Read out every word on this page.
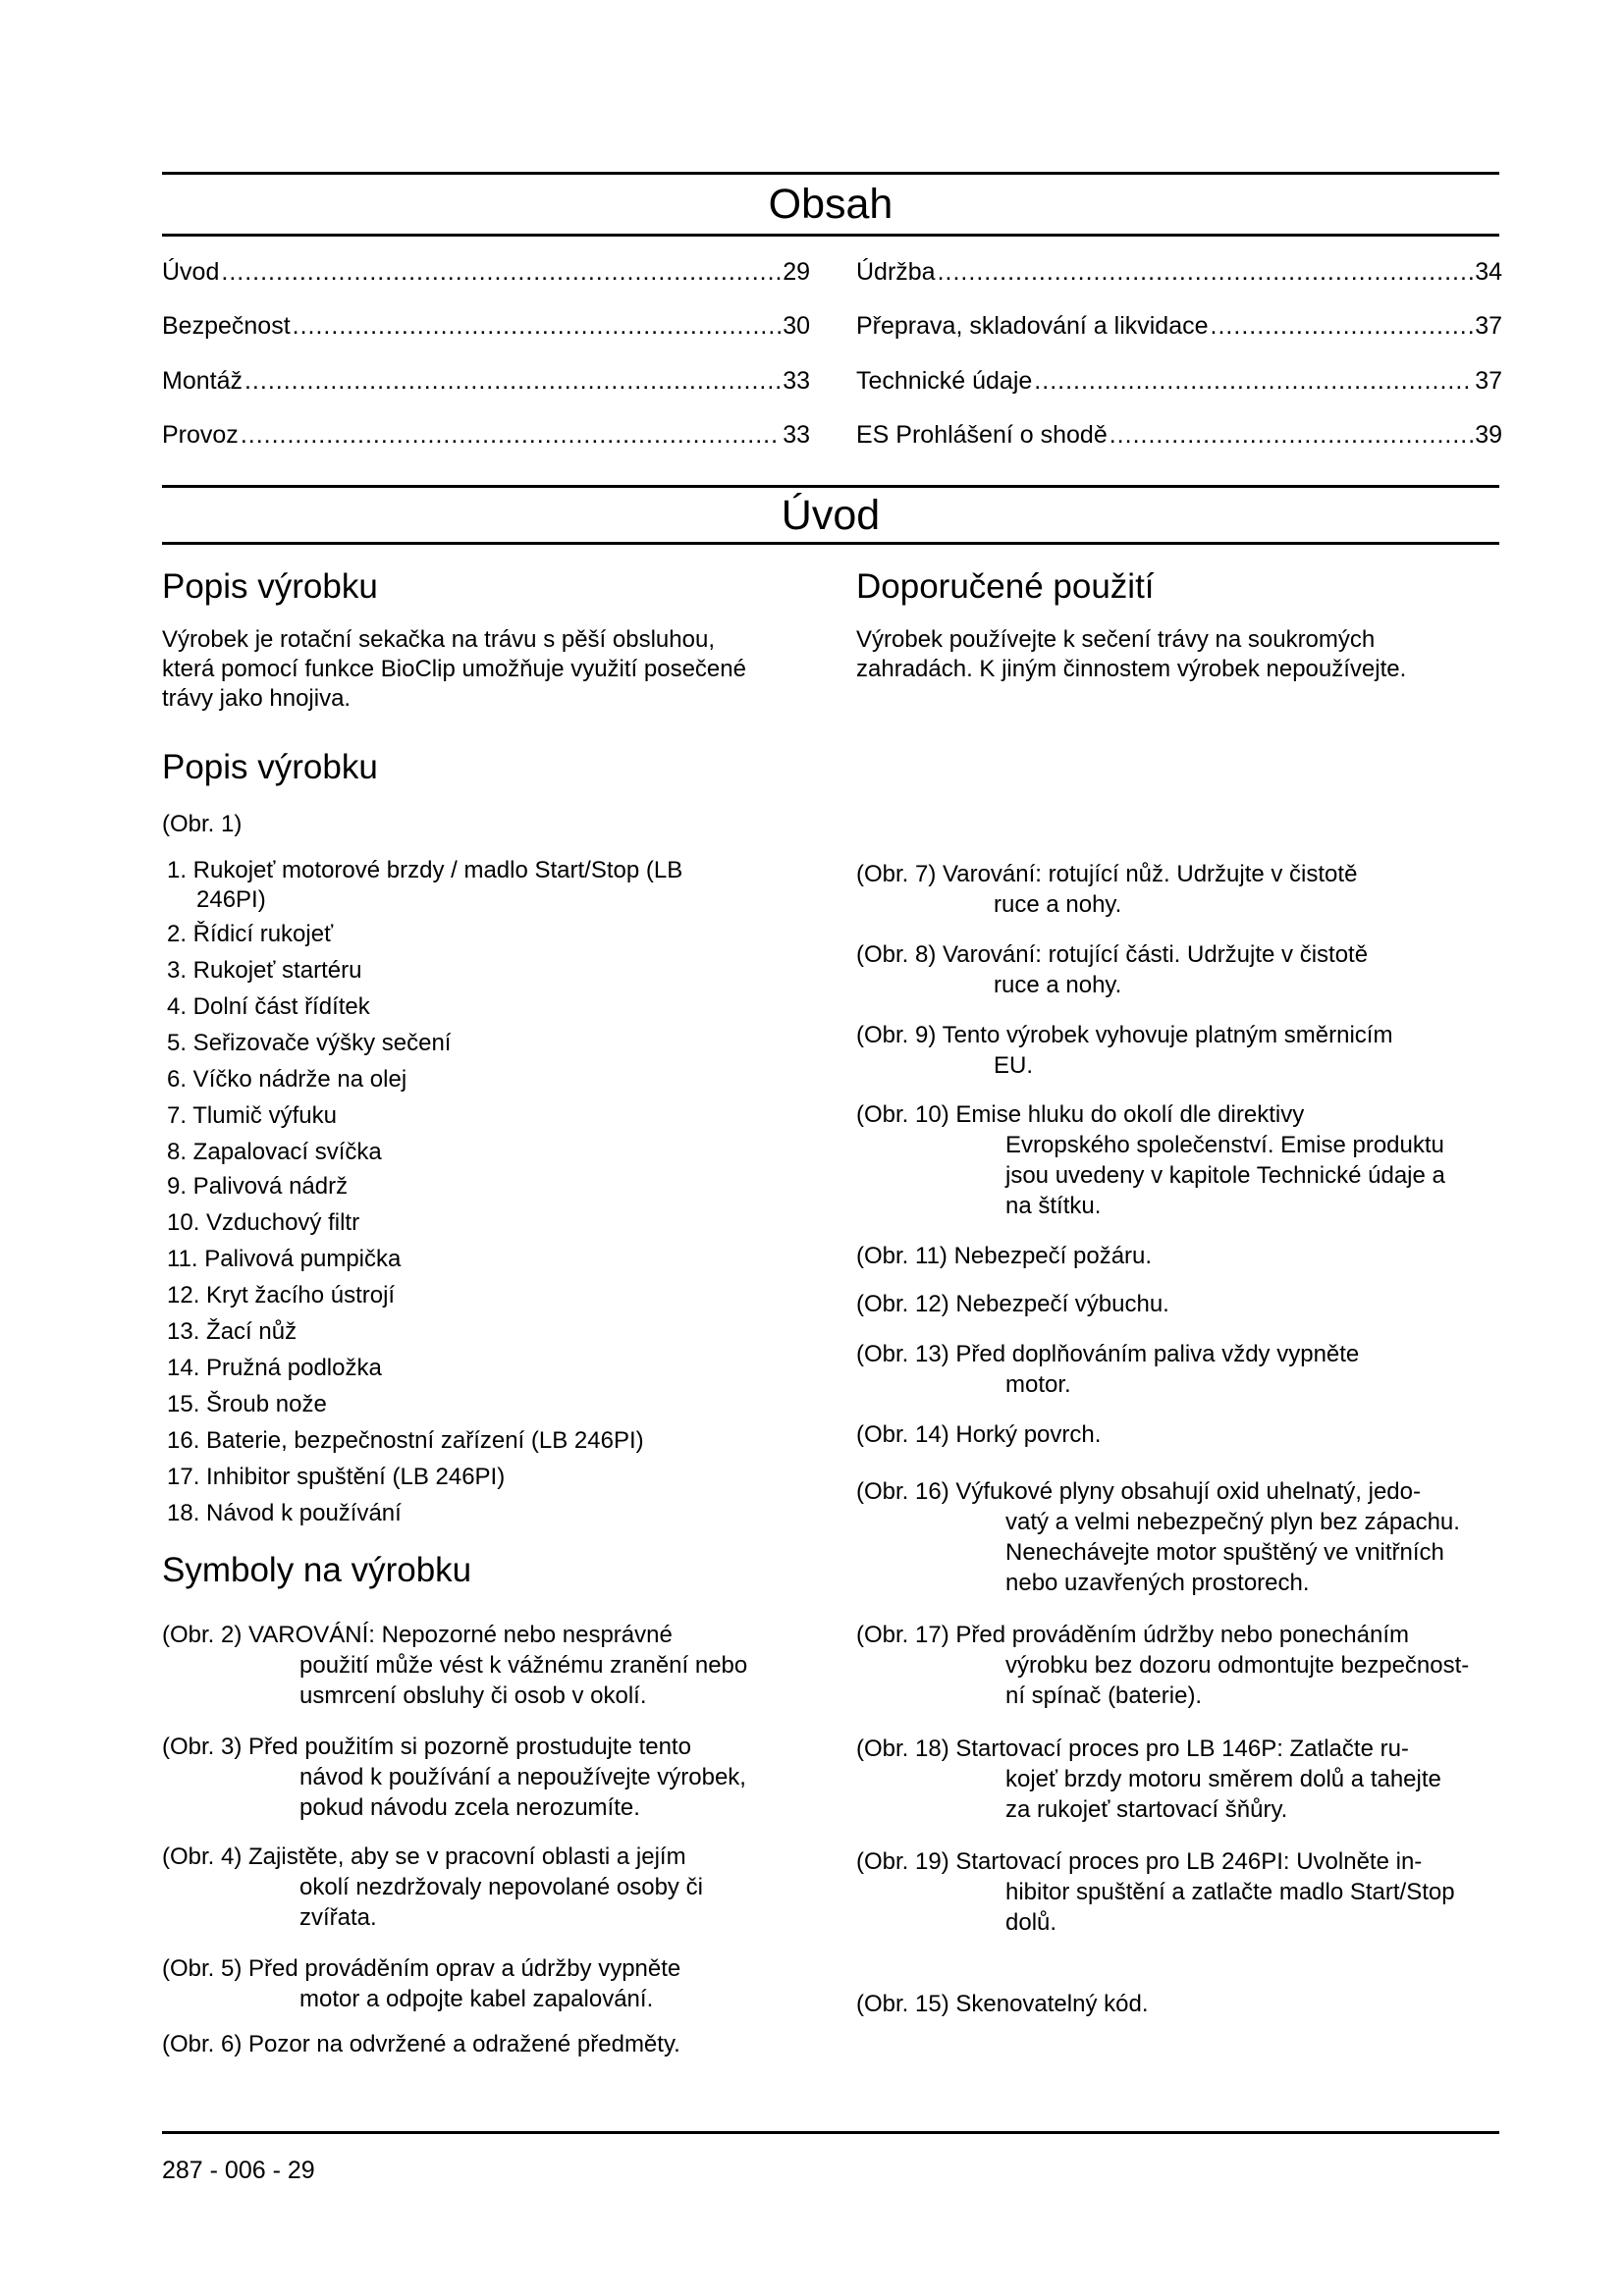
Obsah
Úvod .....	29
Bezpečnost .....	30
Montáž .....	33
Provoz .....	33
Údržba .....	34
Přeprava, skladování a likvidace .....	37
Technické údaje .....	37
ES Prohlášení o shodě .....	39
Úvod
Popis výrobku
Výrobek je rotační sekačka na trávu s pěší obsluhou,
která pomocí funkce BioClip umožňuje využití posečené
trávy jako hnojiva.
Doporučené použití
Výrobek používejte k sečení trávy na soukromých
zahradách. K jiným činnostem výrobek nepoužívejte.
Popis výrobku
(Obr. 1)
1. Rukojeť motorové brzdy / madlo Start/Stop (LB
246PI)
2. Řídicí rukojeť
3. Rukojeť startéru
4. Dolní část řídítek
5. Seřizovače výšky sečení
6. Víčko nádrže na olej
7. Tlumič výfuku
8. Zapalovací svíčka
9. Palivová nádrž
10. Vzduchový filtr
11. Palivová pumpička
12. Kryt žacího ústrojí
13. Žací nůž
14. Pružná podložka
15. Šroub nože
16. Baterie, bezpečnostní zařízení (LB 246PI)
17. Inhibitor spuštění (LB 246PI)
18. Návod k používání
Symboly na výrobku
(Obr. 2) VAROVÁNÍ: Nepozorné nebo nesprávné
použití může vést k vážnému zranění nebo
usmrcení obsluhy či osob v okolí.
(Obr. 3) Před použitím si pozorně prostudujte tento
návod k používání a nepoužívejte výrobek,
pokud návodu zcela nerozumíte.
(Obr. 4) Zajistěte, aby se v pracovní oblasti a jejím
okolí nezdržovaly nepovolané osoby či
zvířata.
(Obr. 5) Před prováděním oprav a údržby vypněte
motor a odpojte kabel zapalování.
(Obr. 6) Pozor na odvržené a odražené předměty.
(Obr. 7) Varování: rotující nůž. Udržujte v čistotě
ruce a nohy.
(Obr. 8) Varování: rotující části. Udržujte v čistotě
ruce a nohy.
(Obr. 9) Tento výrobek vyhovuje platným směrnicím
EU.
(Obr. 10) Emise hluku do okolí dle direktivy
Evropského společenství. Emise produktu
jsou uvedeny v kapitole Technické údaje a
na štítku.
(Obr. 11) Nebezpečí požáru.
(Obr. 12) Nebezpečí výbuchu.
(Obr. 13) Před doplňováním paliva vždy vypněte
motor.
(Obr. 14) Horký povrch.
(Obr. 16) Výfukové plyny obsahují oxid uhelnatý, jedo-
vatý a velmi nebezpečný plyn bez zápachu.
Nenechávejte motor spuštěný ve vnitřních
nebo uzavřených prostorech.
(Obr. 17) Před prováděním údržby nebo ponecháním
výrobku bez dozoru odmontujte bezpečnost-
ní spínač (baterie).
(Obr. 18) Startovací proces pro LB 146P: Zatlačte ru-
kojeť brzdy motoru směrem dolů a tahejte
za rukojeť startovací šňůry.
(Obr. 19) Startovací proces pro LB 246PI: Uvolněte in-
hibitor spuštění a zatlačte madlo Start/Stop
dolů.
(Obr. 15) Skenovatelný kód.
287 - 006 - 29
